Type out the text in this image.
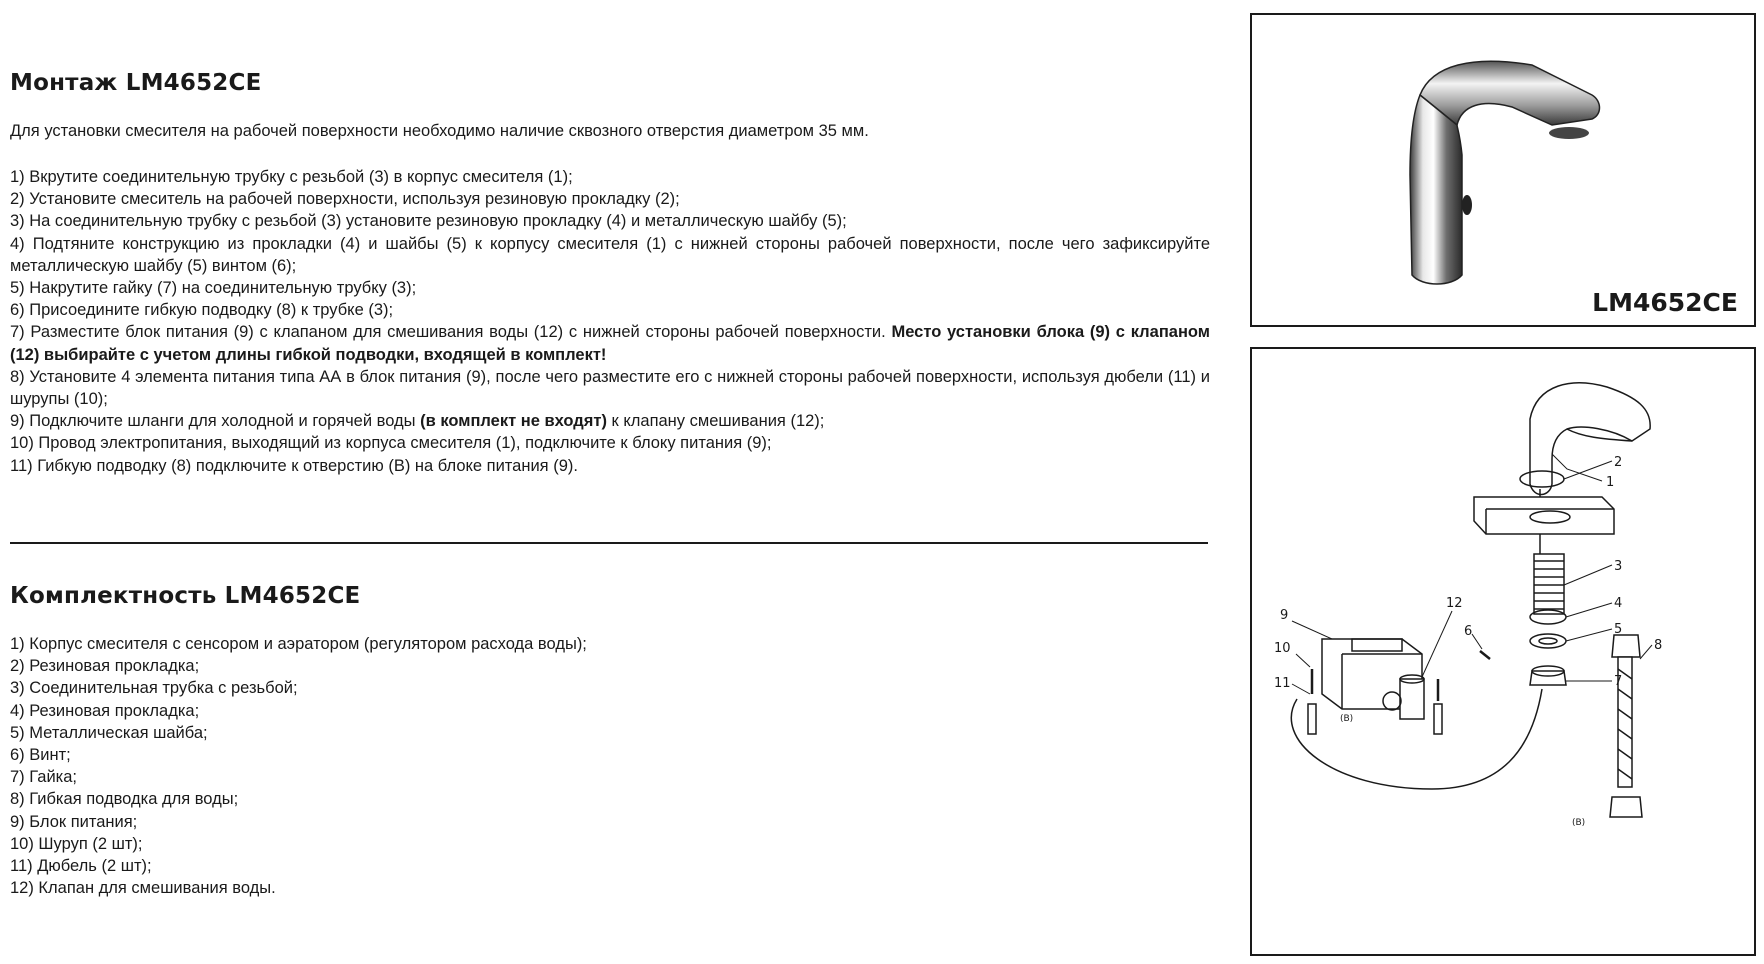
Монтаж LM4652CE

Для установки смесителя на рабочей поверхности необходимо наличие сквозного отверстия диаметром 35 мм.

1) Вкрутите соединительную трубку с резьбой (3) в корпус смесителя (1);
2) Установите смеситель на рабочей поверхности, используя резиновую прокладку (2);
3) На соединительную трубку с резьбой (3) установите резиновую прокладку (4) и металлическую шайбу (5);
4) Подтяните конструкцию из прокладки (4) и шайбы (5) к корпусу смесителя (1) с нижней стороны рабочей поверхности, после чего зафиксируйте металлическую шайбу (5) винтом (6);
5) Накрутите гайку (7) на соединительную трубку (3);
6) Присоедините гибкую подводку (8) к трубке (3);
7) Разместите блок питания (9) с клапаном для смешивания воды (12) с нижней стороны рабочей поверхности. Место установки блока (9) с клапаном (12) выбирайте с учетом длины гибкой подводки, входящей в комплект!
8) Установите 4 элемента питания типа АА в блок питания (9), после чего разместите его с нижней стороны рабочей поверхности, используя дюбели (11) и шурупы (10);
9) Подключите шланги для холодной и горячей воды (в комплект не входят) к клапану смешивания (12);
10) Провод электропитания, выходящий из корпуса смесителя (1), подключите к блоку питания (9);
11) Гибкую подводку (8) подключите к отверстию (B) на блоке питания (9).
Комплектность LM4652CE
1) Корпус смесителя с сенсором и аэратором (регулятором расхода воды);
2) Резиновая прокладка;
3) Соединительная трубка с резьбой;
4) Резиновая прокладка;
5) Металлическая шайба;
6) Винт;
7) Гайка;
8) Гибкая подводка для воды;
9) Блок питания;
10) Шуруп (2 шт);
11) Дюбель (2 шт);
12) Клапан для смешивания воды.
LM4652CE
1
2
3
4
5
6
7
8
9
10
11
12
(B)
(B)
